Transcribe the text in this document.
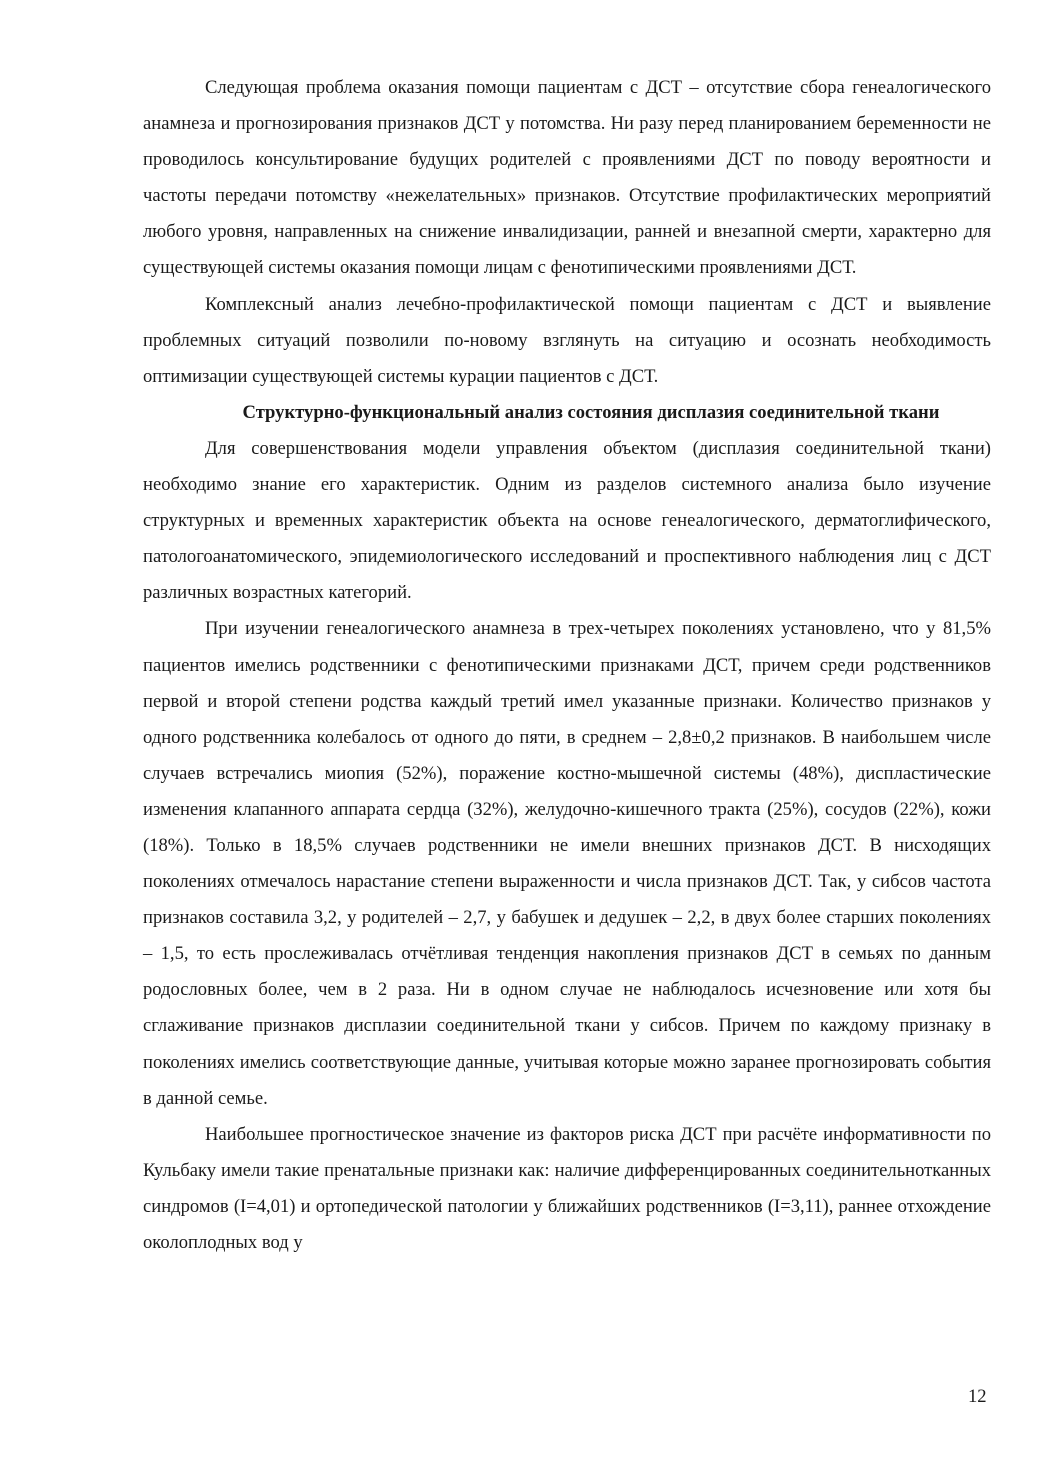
Следующая проблема оказания помощи пациентам с ДСТ – отсутствие сбора генеалогического анамнеза и прогнозирования признаков ДСТ у потомства. Ни разу перед планированием беременности не проводилось консультирование будущих родителей с проявлениями ДСТ по поводу вероятности и частоты передачи потомству «нежелательных» признаков. Отсутствие профилактических мероприятий любого уровня, направленных на снижение инвалидизации, ранней и внезапной смерти, характерно для существующей системы оказания помощи лицам с фенотипическими проявлениями ДСТ.

Комплексный анализ лечебно-профилактической помощи пациентам с ДСТ и выявление проблемных ситуаций позволили по-новому взглянуть на ситуацию и осознать необходимость оптимизации существующей системы курации пациентов с ДСТ.

Структурно-функциональный анализ состояния дисплазия соединительной ткани

Для совершенствования модели управления объектом (дисплазия соединительной ткани) необходимо знание его характеристик. Одним из разделов системного анализа было изучение структурных и временных характеристик объекта на основе генеалогического, дерматоглифического, патологоанатомического, эпидемиологического исследований и проспективного наблюдения лиц с ДСТ различных возрастных категорий.

При изучении генеалогического анамнеза в трех-четырех поколениях установлено, что у 81,5% пациентов имелись родственники с фенотипическими признаками ДСТ, причем среди родственников первой и второй степени родства каждый третий имел указанные признаки. Количество признаков у одного родственника колебалось от одного до пяти, в среднем – 2,8±0,2 признаков. В наибольшем числе случаев встречались миопия (52%), поражение костно-мышечной системы (48%), диспластические изменения клапанного аппарата сердца (32%), желудочно-кишечного тракта (25%), сосудов (22%), кожи (18%). Только в 18,5% случаев родственники не имели внешних признаков ДСТ. В нисходящих поколениях отмечалось нарастание степени выраженности и числа признаков ДСТ. Так, у сибсов частота признаков составила 3,2, у родителей – 2,7, у бабушек и дедушек – 2,2, в двух более старших поколениях – 1,5, то есть прослеживалась отчётливая тенденция накопления признаков ДСТ в семьях по данным родословных более, чем в 2 раза. Ни в одном случае не наблюдалось исчезновение или хотя бы сглаживание признаков дисплазии соединительной ткани у сибсов. Причем по каждому признаку в поколениях имелись соответствующие данные, учитывая которые можно заранее прогнозировать события в данной семье.

Наибольшее прогностическое значение из факторов риска ДСТ при расчёте информативности по Кульбаку имели такие пренатальные признаки как: наличие дифференцированных соединительнотканных синдромов (I=4,01) и ортопедической патологии у ближайших родственников (I=3,11), раннее отхождение околоплодных вод у

12
